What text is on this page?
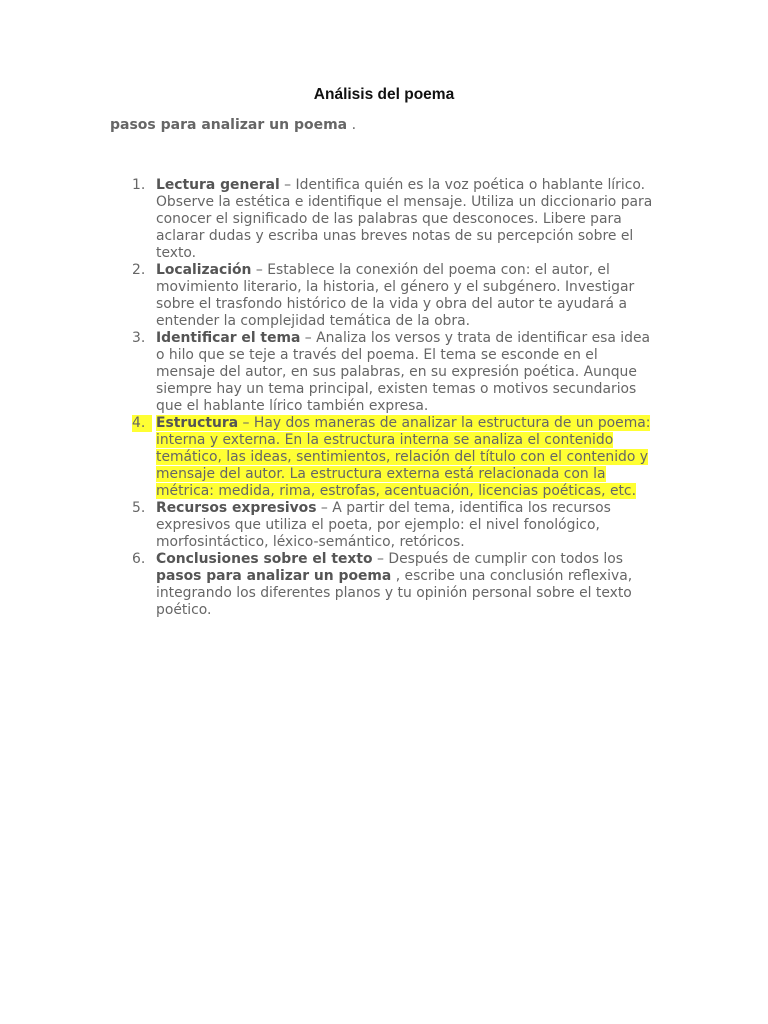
Análisis del poema

pasos para analizar un poema .

1. Lectura general – Identifica quién es la voz poética o hablante lírico. Observe la estética e identifique el mensaje. Utiliza un diccionario para conocer el significado de las palabras que desconoces. Libere para aclarar dudas y escriba unas breves notas de su percepción sobre el texto.
2. Localización – Establece la conexión del poema con: el autor, el movimiento literario, la historia, el género y el subgénero. Investigar sobre el trasfondo histórico de la vida y obra del autor te ayudará a entender la complejidad temática de la obra.
3. Identificar el tema – Analiza los versos y trata de identificar esa idea o hilo que se teje a través del poema. El tema se esconde en el mensaje del autor, en sus palabras, en su expresión poética. Aunque siempre hay un tema principal, existen temas o motivos secundarios que el hablante lírico también expresa.
4. Estructura – Hay dos maneras de analizar la estructura de un poema: interna y externa. En la estructura interna se analiza el contenido temático, las ideas, sentimientos, relación del título con el contenido y mensaje del autor. La estructura externa está relacionada con la métrica: medida, rima, estrofas, acentuación, licencias poéticas, etc.
5. Recursos expresivos – A partir del tema, identifica los recursos expresivos que utiliza el poeta, por ejemplo: el nivel fonológico, morfosintáctico, léxico-semántico, retóricos.
6. Conclusiones sobre el texto – Después de cumplir con todos los pasos para analizar un poema , escribe una conclusión reflexiva, integrando los diferentes planos y tu opinión personal sobre el texto poético.
